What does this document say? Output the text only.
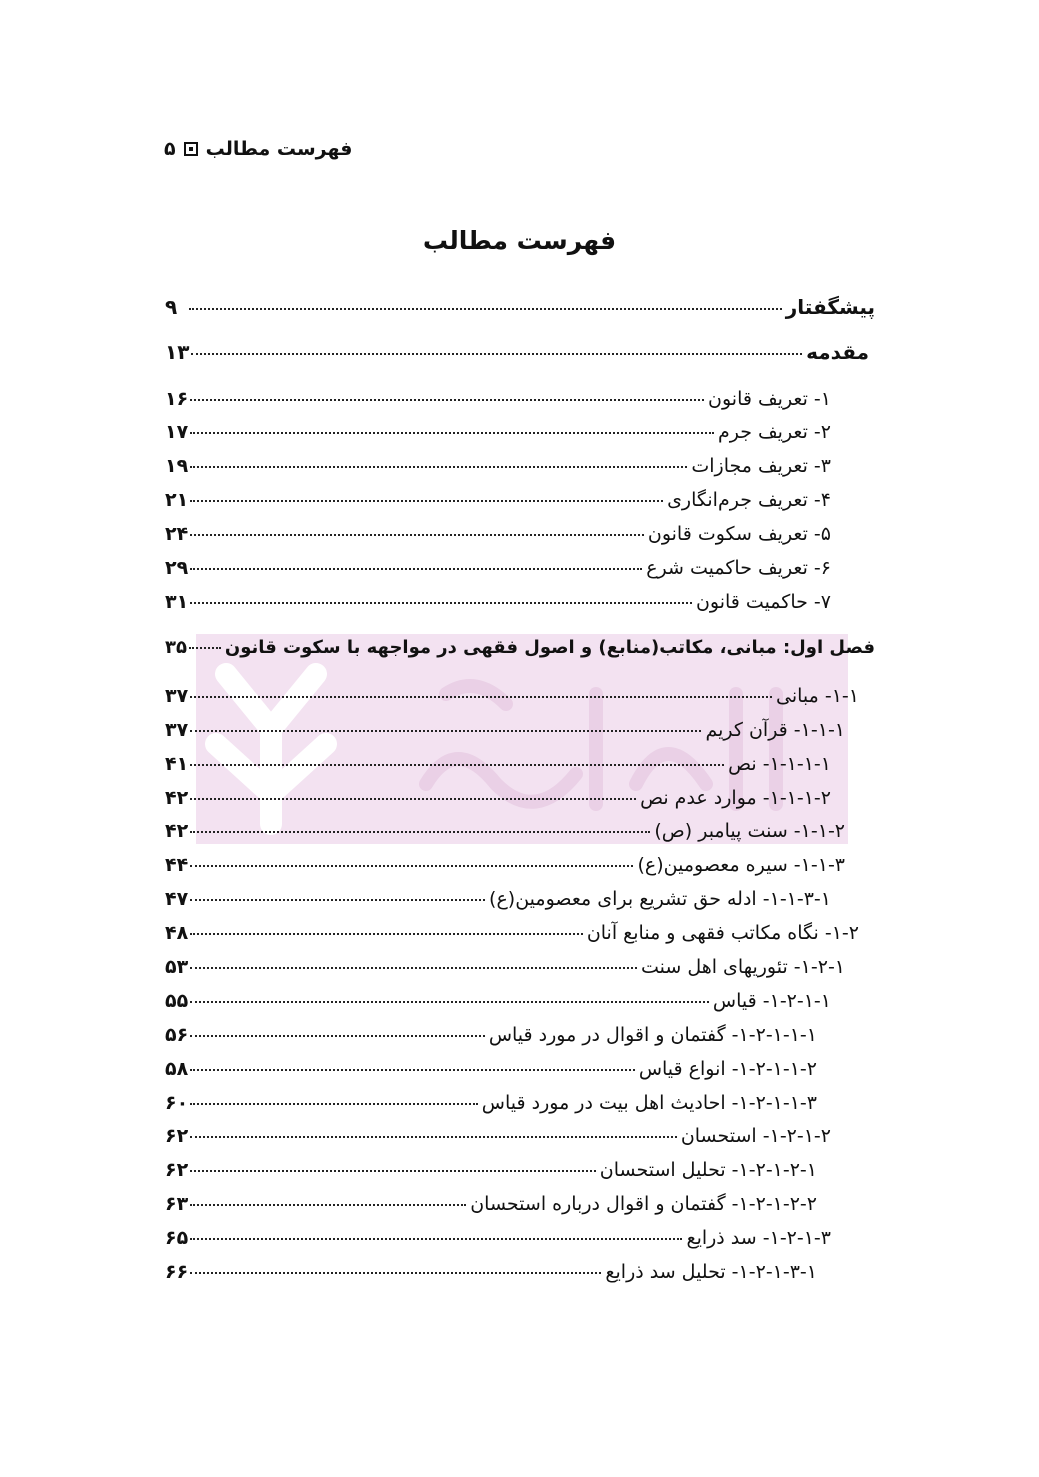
۵ فهرست مطالب
فهرست مطالب
پیشگفتار
۹
مقدمه
۱۳
۱- تعریف قانون
۱۶
۲- تعریف جرم
۱۷
۳- تعریف مجازات
۱۹
۴- تعریف جرم‌انگاری
۲۱
۵- تعریف سکوت قانون
۲۴
۶- تعریف حاکمیت شرع
۲۹
۷- حاکمیت قانون
۳۱
فصل اول: مبانی، مکاتب(منابع) و اصول فقهی در مواجهه با سکوت قانون
۳۵
۱-۱- مبانی
۳۷
۱-۱-۱- قرآن کریم
۳۷
۱-۱-۱-۱- نص
۴۱
۱-۱-۱-۲- موارد عدم نص
۴۲
۱-۱-۲- سنت پیامبر (ص)
۴۲
۱-۱-۳- سیره معصومین(ع)
۴۴
۱-۱-۳-۱- ادله حق تشریع برای معصومین(ع)
۴۷
۱-۲- نگاه مکاتب فقهی و منابع آنان
۴۸
۱-۲-۱- تئوریهای اهل سنت
۵۳
۱-۲-۱-۱- قیاس
۵۵
۱-۲-۱-۱-۱- گفتمان و اقوال در مورد قیاس
۵۶
۱-۲-۱-۱-۲- انواع قیاس
۵۸
۱-۲-۱-۱-۳- احادیث اهل بیت در مورد قیاس
۶۰
۱-۲-۱-۲- استحسان
۶۲
۱-۲-۱-۲-۱- تحلیل استحسان
۶۲
۱-۲-۱-۲-۲- گفتمان و اقوال درباره استحسان
۶۳
۱-۲-۱-۳- سد ذرایع
۶۵
۱-۲-۱-۳-۱- تحلیل سد ذرایع
۶۶
